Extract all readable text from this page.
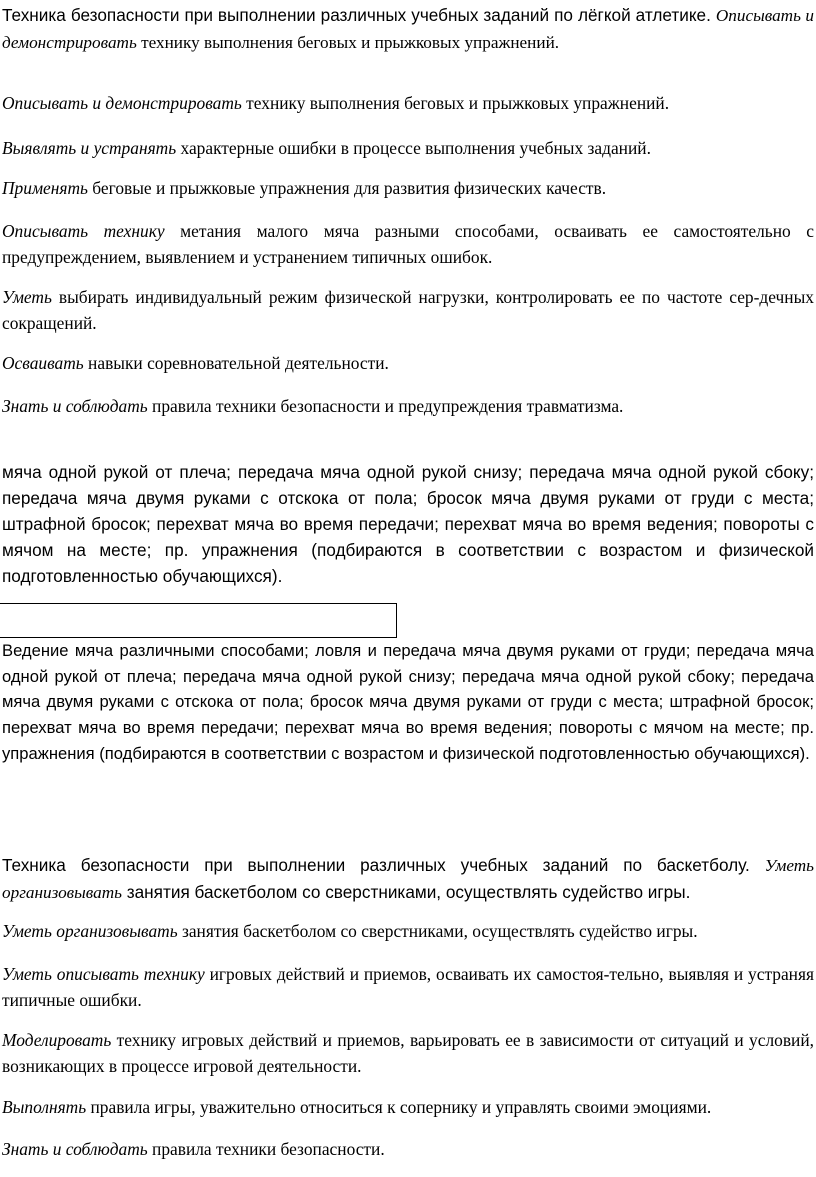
Техника безопасности при выполнении различных учебных заданий по лёгкой атлетике. Описывать и демонстрировать технику выполнения беговых и прыжковых упражнений.

Описывать и демонстрировать технику выполнения беговых и прыжковых упражнений.

Выявлять и устранять характерные ошибки в процессе выполнения учебных заданий.

Применять беговые и прыжковые упражнения для развития физических качеств.

Описывать технику метания малого мяча разными способами, осваивать ее самостоятельно с предупреждением, выявлением и устранением типичных ошибок.

Уметь выбирать индивидуальный режим физической нагрузки, контролировать ее по частоте сер-дечных сокращений.

Осваивать навыки соревновательной деятельности.

Знать и соблюдать правила техники безопасности и предупреждения травматизма.

мяча одной рукой от плеча; передача мяча одной рукой снизу; передача мяча одной рукой сбоку; передача мяча двумя руками с отскока от пола; бросок мяча двумя руками от груди с места; штрафной бросок; перехват мяча во время передачи; перехват мяча во время ведения; повороты с мячом на месте; пр. упражнения (подбираются в соответствии с возрастом и физической подготовленностью обучающихся).

Ведение мяча различными способами; ловля и передача мяча двумя руками от груди; передача мяча одной рукой от плеча; передача мяча одной рукой снизу; передача мяча одной рукой сбоку; передача мяча двумя руками с отскока от пола; бросок мяча двумя руками от груди с места; штрафной бросок; перехват мяча во время передачи; перехват мяча во время ведения; повороты с мячом на месте; пр. упражнения (подбираются в соответствии с возрастом и физической подготовленностью обучающихся).

Техника безопасности при выполнении различных учебных заданий по баскетболу. Уметь организовывать занятия баскетболом со сверстниками, осуществлять судейство игры.

Уметь организовывать занятия баскетболом со сверстниками, осуществлять судейство игры.

Уметь описывать технику игровых действий и приемов, осваивать их самостоя-тельно, выявляя и устраняя типичные ошибки.

Моделировать технику игровых действий и приемов, варьировать ее в зависимости от ситуаций и условий, возникающих в процессе игровой деятельности.

Выполнять правила игры, уважительно относиться к сопернику и управлять своими эмоциями.

Знать и соблюдать правила техники безопасности.
